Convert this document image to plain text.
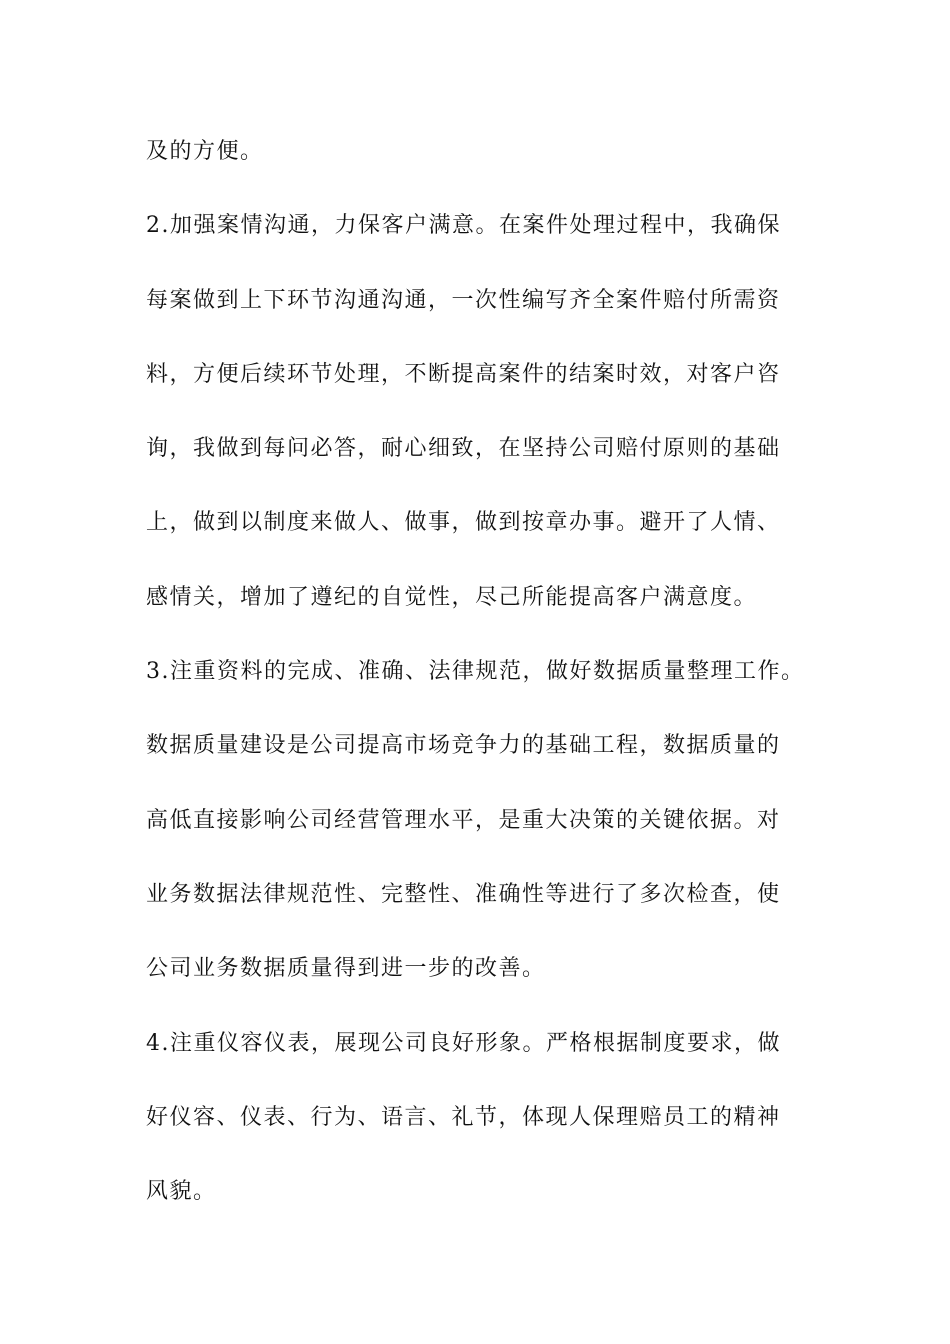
及的方便。
2.加强案情沟通，力保客户满意。在案件处理过程中，我确保
每案做到上下环节沟通沟通，一次性编写齐全案件赔付所需资
料，方便后续环节处理，不断提高案件的结案时效，对客户咨
询，我做到每问必答，耐心细致，在坚持公司赔付原则的基础
上，做到以制度来做人、做事，做到按章办事。避开了人情、
感情关，增加了遵纪的自觉性，尽己所能提高客户满意度。
3.注重资料的完成、准确、法律规范，做好数据质量整理工作。
数据质量建设是公司提高市场竞争力的基础工程，数据质量的
高低直接影响公司经营管理水平，是重大决策的关键依据。对
业务数据法律规范性、完整性、准确性等进行了多次检查，使
公司业务数据质量得到进一步的改善。
4.注重仪容仪表，展现公司良好形象。严格根据制度要求，做
好仪容、仪表、行为、语言、礼节，体现人保理赔员工的精神
风貌。
